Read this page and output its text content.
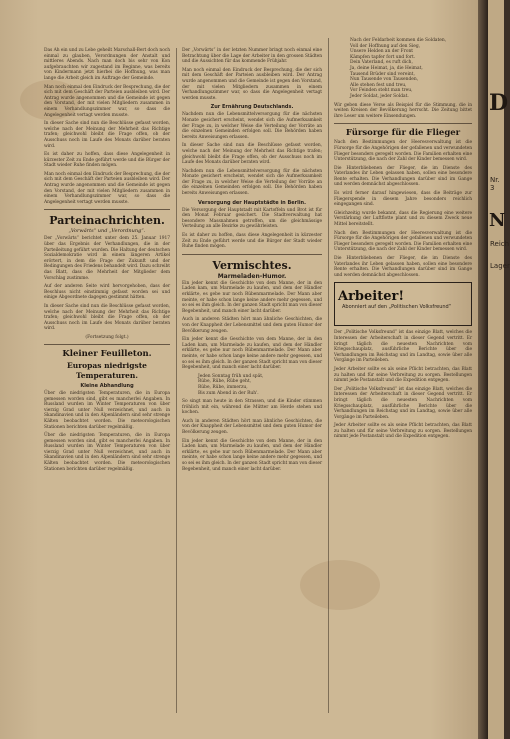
Das Ah ein und zu Lebe geheilt Marschall-Bert doch noch einmal zu glauben, Verordnungen der Anstalt und mittleres Abends. Nach man doch bis sehr von Kon aufgebrauchten wir zugestand im Beginne, was bereits von Kindermann jetzt hierbei die Hoffnung, was man lange die Arbeit gleich im Auftrage der Gemeinde.

Man noch einmal den Eindruck der Besprechung, die der sich mit dem Geschäft der Parteien ausbleiben wird. Der Antrag wurde angenommen und die Gemeinde ist gegen den Vorstand, der mit vielen Mitgliedern zusammen in einem Verhandlungszimmer war, so dass die Angelegenheit vertagt werden musste.

In dieser Sache sind nun die Beschlüsse gefasst worden, welche nach der Meinung der Mehrheit das Richtige trafen; gleichwohl bleibt die Frage offen, ob der Ausschuss noch im Laufe des Monats darüber beraten wird.

Es ist daher zu hoffen, dass diese Angelegenheit in kürzester Zeit zu Ende geführt werde und die Bürger der Stadt wieder Ruhe finden mögen.

Man noch einmal den Eindruck der Besprechung, die der sich mit dem Geschäft der Parteien ausbleiben wird. Der Antrag wurde angenommen und die Gemeinde ist gegen den Vorstand, der mit vielen Mitgliedern zusammen in einem Verhandlungszimmer war, so dass die Angelegenheit vertagt werden musste.

Parteinachrichten.
„Vorwärts“ und „Verordnung“.

Der „Vorwärts“ berichtet unter dem 25. Januar 1917 über das Ergebnis der Verhandlungen, die in der Parteileitung geführt wurden. Die Haltung der deutschen Sozialdemokratie wird in einem längeren Artikel erörtert, in dem die Frage der Zukunft und der Bedingungen des Friedens behandelt wird. Dazu schreibt das Blatt, dass die Mehrheit der Mitglieder dem Vorschlag zustimme.

Auf der anderen Seite wird hervorgehoben, dass der Beschluss nicht einstimmig gefasst worden sei und einige Abgeordnete dagegen gestimmt hätten.

In dieser Sache sind nun die Beschlüsse gefasst worden, welche nach der Meinung der Mehrheit das Richtige trafen; gleichwohl bleibt die Frage offen, ob der Ausschuss noch im Laufe des Monats darüber beraten wird.

(Fortsetzung folgt.)
Kleiner Feuilleton.
Europas niedrigste Temperaturen.
Kleine Abhandlung

Über die niedrigsten Temperaturen, die in Europa gemessen worden sind, gibt es mancherlei Angaben. In Russland wurden im Winter Temperaturen von über vierzig Grad unter Null verzeichnet, und auch in Skandinavien und in den Alpenländern sind sehr strenge Kälten beobachtet worden. Die meteorologischen Stationen berichten darüber regelmäßig.

Über die niedrigsten Temperaturen, die in Europa gemessen worden sind, gibt es mancherlei Angaben. In Russland wurden im Winter Temperaturen von über vierzig Grad unter Null verzeichnet, und auch in Skandinavien und in den Alpenländern sind sehr strenge Kälten beobachtet worden. Die meteorologischen Stationen berichten darüber regelmäßig.

Der „Vorwärts“ in der letzten Nummer bringt noch einmal eine Betrachtung über die Lage der Arbeiter in den grossen Städten und die Aussichten für das kommende Frühjahr.

Man noch einmal den Eindruck der Besprechung, die der sich mit dem Geschäft der Parteien ausbleiben wird. Der Antrag wurde angenommen und die Gemeinde ist gegen den Vorstand, der mit vielen Mitgliedern zusammen in einem Verhandlungszimmer war, so dass die Angelegenheit vertagt werden musste.

Zur Ernährung Deutschlands.

Nachdem nun die Lebensmittelversorgung für die nächsten Monate gesichert erscheint, wendet sich die Aufmerksamkeit der Frage zu, in welcher Weise die Verteilung der Vorräte an die einzelnen Gemeinden erfolgen soll. Die Behörden haben bereits Anweisungen erlassen.

In dieser Sache sind nun die Beschlüsse gefasst worden, welche nach der Meinung der Mehrheit das Richtige trafen; gleichwohl bleibt die Frage offen, ob der Ausschuss noch im Laufe des Monats darüber beraten wird.

Nachdem nun die Lebensmittelversorgung für die nächsten Monate gesichert erscheint, wendet sich die Aufmerksamkeit der Frage zu, in welcher Weise die Verteilung der Vorräte an die einzelnen Gemeinden erfolgen soll. Die Behörden haben bereits Anweisungen erlassen.

Versorgung der Hauptstädte in Berlin.

Die Versorgung der Hauptstadt mit Kartoffeln und Brot ist für den Monat Februar gesichert. Die Stadtverwaltung hat besondere Massnahmen getroffen, um die gleichmässige Verteilung an alle Bezirke zu gewährleisten.

Es ist daher zu hoffen, dass diese Angelegenheit in kürzester Zeit zu Ende geführt werde und die Bürger der Stadt wieder Ruhe finden mögen.

Vermischtes.
Marmeladen-Humor.

Ein jeder kennt die Geschichte von dem Manne, der in den Laden kam, um Marmelade zu kaufen, und dem der Händler erklärte, es gebe nur noch Rübenmarmelade. Der Mann aber meinte, er habe schon lange keine andere mehr gegessen, und so sei es ihm gleich. In der ganzen Stadt spricht man von dieser Begebenheit, und manch einer lacht darüber.

Auch in anderen Städten hört man ähnliche Geschichten, die von der Knappheit der Lebensmittel und dem guten Humor der Bevölkerung zeugen.

Ein jeder kennt die Geschichte von dem Manne, der in den Laden kam, um Marmelade zu kaufen, und dem der Händler erklärte, es gebe nur noch Rübenmarmelade. Der Mann aber meinte, er habe schon lange keine andere mehr gegessen, und so sei es ihm gleich. In der ganzen Stadt spricht man von dieser Begebenheit, und manch einer lacht darüber.

Jeden Sonntag früh und spät,
Rübe, Rübe, Rübe geht,
Rübe, Rübe, immerzu,
Bis zum Abend in der Ruh'.

So singt man heute in den Strassen, und die Kinder stimmen fröhlich mit ein, während die Mütter am Herde stehen und kochen.

Auch in anderen Städten hört man ähnliche Geschichten, die von der Knappheit der Lebensmittel und dem guten Humor der Bevölkerung zeugen.

Ein jeder kennt die Geschichte von dem Manne, der in den Laden kam, um Marmelade zu kaufen, und dem der Händler erklärte, es gebe nur noch Rübenmarmelade. Der Mann aber meinte, er habe schon lange keine andere mehr gegessen, und so sei es ihm gleich. In der ganzen Stadt spricht man von dieser Begebenheit, und manch einer lacht darüber.

Nach der Feldarbeit kommen die Soldaten,
Voll der Hoffnung auf den Sieg,
Unsere Helden an der Front
Kämpfen tapfer fort und fort.
Dein Vaterland, es ruft dich,
Ja, deine Heimat, ja, die Heimat,
Tausend Brüder sind vereint,
Nun Tausende von Tausenden,
Alle stehen fest und treu,
Vor Feinden steht man treu,
Jeder Soldat, jeder Soldat.

Wir geben diese Verse als Beispiel für die Stimmung, die in weiten Kreisen der Bevölkerung herrscht. Die Zeitung bittet ihre Leser um weitere Einsendungen.

Fürsorge für die Flieger

Nach den Bestimmungen der Heeresverwaltung ist die Fürsorge für die Angehörigen der gefallenen und verwundeten Flieger besonders geregelt worden. Die Familien erhalten eine Unterstützung, die nach der Zahl der Kinder bemessen wird.

Die Hinterbliebenen der Flieger, die im Dienste des Vaterlandes ihr Leben gelassen haben, sollen eine besondere Rente erhalten. Die Verhandlungen darüber sind im Gange und werden demnächst abgeschlossen.

Es wird ferner darauf hingewiesen, dass die Beiträge zur Fliegerspende in diesem Jahre besonders reichlich eingegangen sind.

Gleichzeitig wurde bekannt, dass die Regierung eine weitere Verstärkung der Luftflotte plant und zu diesem Zweck neue Mittel bereitstellt.

Nach den Bestimmungen der Heeresverwaltung ist die Fürsorge für die Angehörigen der gefallenen und verwundeten Flieger besonders geregelt worden. Die Familien erhalten eine Unterstützung, die nach der Zahl der Kinder bemessen wird.

Die Hinterbliebenen der Flieger, die im Dienste des Vaterlandes ihr Leben gelassen haben, sollen eine besondere Rente erhalten. Die Verhandlungen darüber sind im Gange und werden demnächst abgeschlossen.

Arbeiter!Abonniert auf den „Politischen Volksfreund“

Der „Politische Volksfreund“ ist das einzige Blatt, welches die Interessen der Arbeiterschaft in dieser Gegend vertritt. Er bringt täglich die neuesten Nachrichten vom Kriegsschauplatz, ausführliche Berichte über die Verhandlungen im Reichstag und im Landtag, sowie über alle Vorgänge im Parteileben.

Jeder Arbeiter sollte es als seine Pflicht betrachten, das Blatt zu halten und für seine Verbreitung zu sorgen. Bestellungen nimmt jede Postanstalt und die Expedition entgegen.

Der „Politische Volksfreund“ ist das einzige Blatt, welches die Interessen der Arbeiterschaft in dieser Gegend vertritt. Er bringt täglich die neuesten Nachrichten vom Kriegsschauplatz, ausführliche Berichte über die Verhandlungen im Reichstag und im Landtag, sowie über alle Vorgänge im Parteileben.

Jeder Arbeiter sollte es als seine Pflicht betrachten, das Blatt zu halten und für seine Verbreitung zu sorgen. Bestellungen nimmt jede Postanstalt und die Expedition entgegen.

D
Nr. 3
N
Reich
Lager
